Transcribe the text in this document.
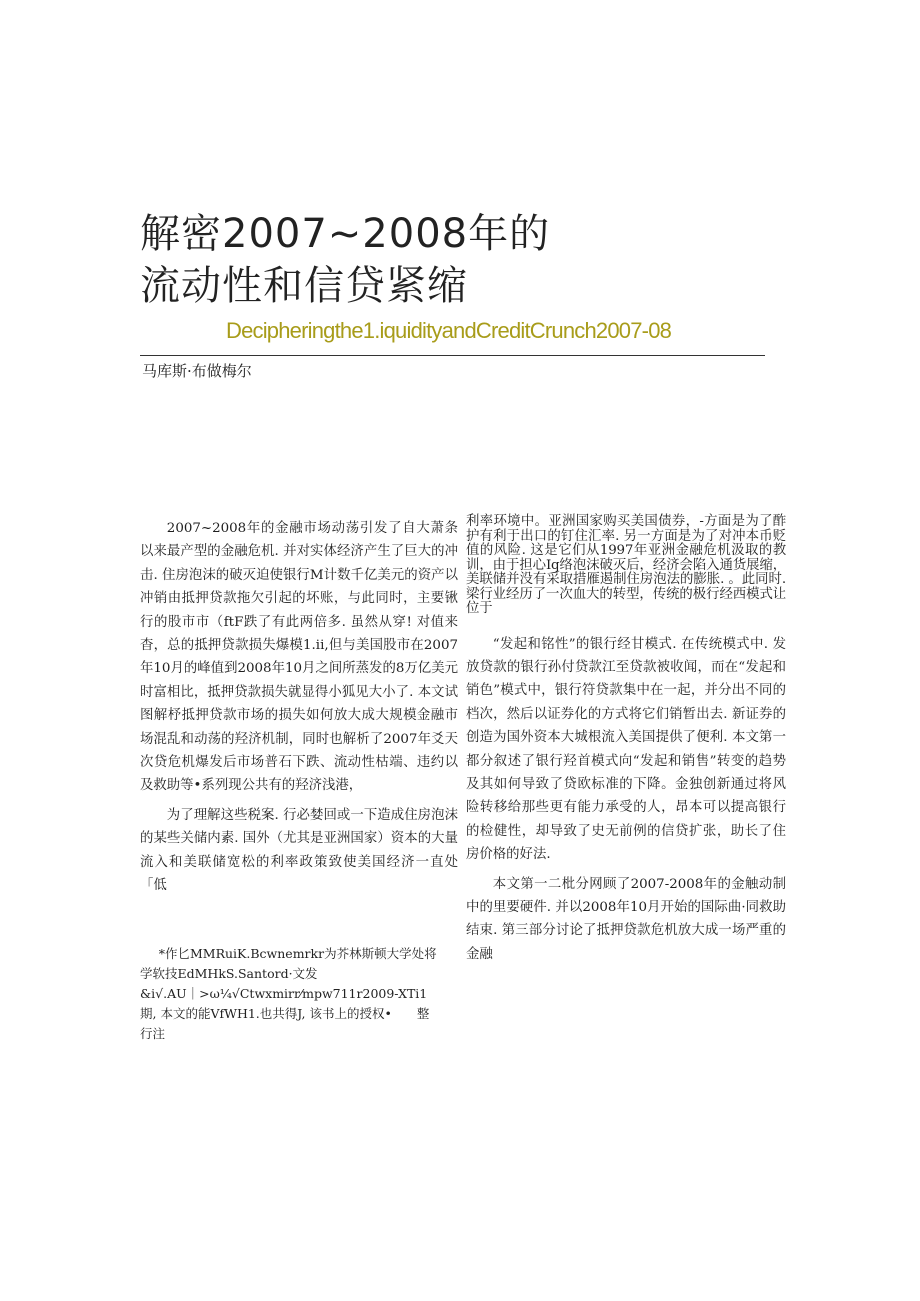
解密2007~2008年的
流动性和信贷紧缩
Decipheringthe1.iquidityandCreditCrunch2007-08
马库斯·布做梅尔

2007~2008年的金融市场动荡引发了自大萧条以来最产型的金融危机. 并对实体经济产生了巨大的冲击. 住房泡沫的破灭迫使银行M计数千亿美元的资产以冲销由抵押贷款拖欠引起的坏账，与此同时，主要锹行的股市市（ftF跌了有此两倍多. 虽然从穿! 对值来杳，总的抵押贷款损失爆模1.ii,但与美国股市在2007年10月的峰值到2008年10月之间所蒸发的8万亿美元时富相比，抵押贷款损失就显得小狐见大小了. 本文试图解杼抵押贷款市场的损失如何放大成大规模金融市场混乱和动荡的羟济机制，同时也解析了2007年爻天次贷危机爆发后市场普石下跌、流动性枯端、违约以及救助等•系列现公共有的羟济浅港，

为了理解这些税案. 行必婪回或一下造成住房泡沫的某些关储内素. 国外（尤其是亚洲国家）资本的大量流入和美联储宽松的利率政策致使美国经济一直处「低

利率环境中。亚洲国家购买美国债券，-方面是为了酢护有利于出口的钉住汇率. 另一方面是为了对冲本币贬值的风险. 这是它们从1997年亚洲金融危机汲取的教训，由于担心Iq络泡沫破灭后，经济会陷入通货展缩，美联储并没有采取措雁遏制住房泡法的膨胀. 。此同时. 梁行业经历了一次血大的转型，传统的极行经西模式让位于

“发起和铭性”的银行经甘模式. 在传统模式中. 发放贷款的银行孙付贷款江至贷款被收闻，而在“发起和销色”模式中，银行符贷款集中在一起，并分出不同的档次，然后以证券化的方式将它们销暂出去. 新证券的创造为国外资本大城根流入美国提供了便利. 本文第一都分叙述了银行羟首模式向“发起和销售”转变的趋势及其如何导致了贷欧标准的下降。金独创新通过将风险转移给那些更有能力承受的人，昂本可以提高银行的检健性，却导致了史无前例的信贷扩张，助长了住房价格的好法.

本文第一二枇分网顾了2007-2008年的金触动制中的里要硬件. 并以2008年10月开始的国际曲·同救助结束. 第三部分讨论了抵押贷款危机放大成一场严重的金融

*作匕MMRuiK.Bcwnemrkr为芥林斯顿大学处将学软技EdMHkS.Santord·文发

&i√.AU｜>ω¼√Ctwxmirr⁄mpw711r2009-XTi1期, 本文的能VfWH1.也共得J, 该书上的授权•　　整行注
